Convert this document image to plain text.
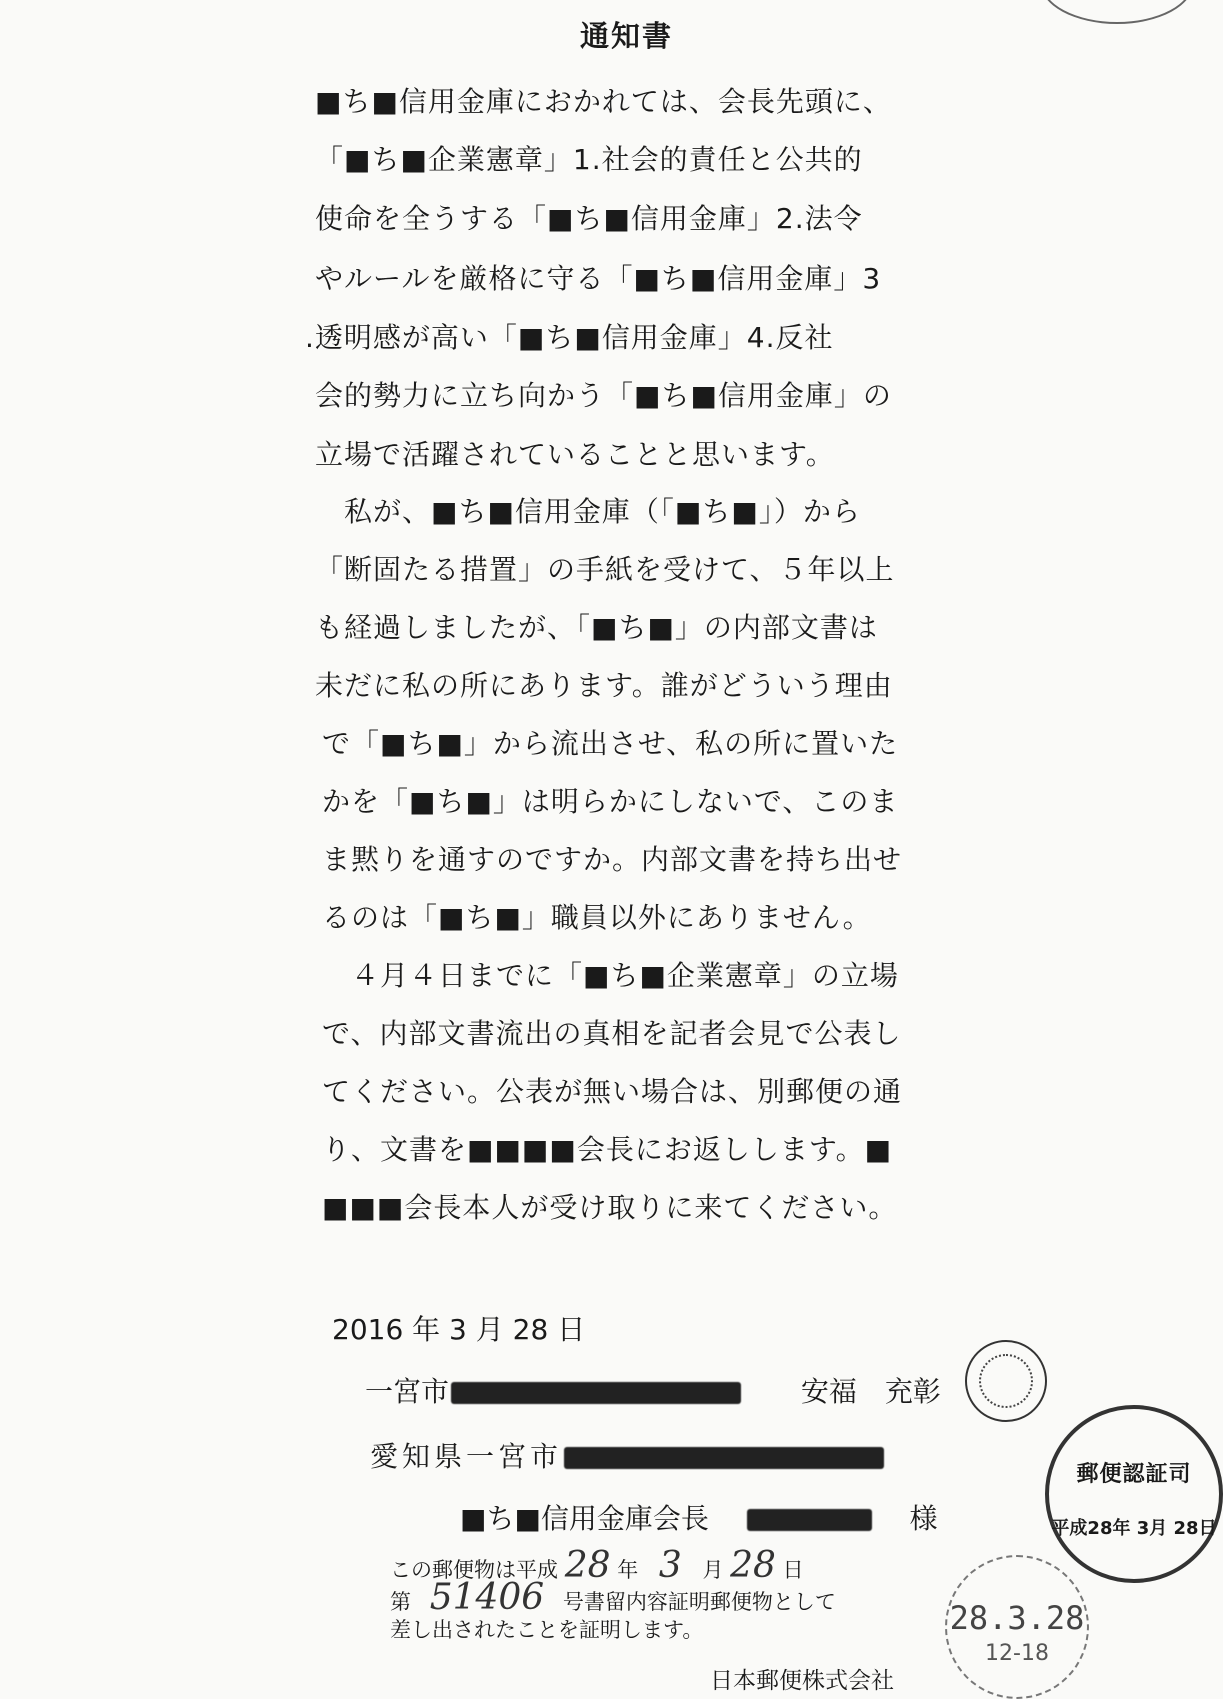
通知書
■ち■信用金庫におかれては、会長先頭に、
「■ち■企業憲章」1.社会的責任と公共的
使命を全うする「■ち■信用金庫」2.法令
やルールを厳格に守る「■ち■信用金庫」3
.透明感が高い「■ち■信用金庫」4.反社
会的勢力に立ち向かう「■ち■信用金庫」の
立場で活躍されていることと思います。
　私が、■ち■信用金庫（「■ち■」）から
「断固たる措置」の手紙を受けて、５年以上
も経過しましたが、「■ち■」の内部文書は
未だに私の所にあります。誰がどういう理由
で「■ち■」から流出させ、私の所に置いた
かを「■ち■」は明らかにしないで、このま
ま黙りを通すのですか。内部文書を持ち出せ
るのは「■ち■」職員以外にありません。
　４月４日までに「■ち■企業憲章」の立場
で、内部文書流出の真相を記者会見で公表し
てください。公表が無い場合は、別郵便の通
り、文書を■■■■会長にお返しします。■
■■■会長本人が受け取りに来てください。
2016 年 3 月 28 日
一宮市	安福　充彰
愛知県一宮市
■ち■信用金庫会長	様
この郵便物は平成 28 年 3 月 28 日
第 51406 号書留内容証明郵便物として
差し出されたことを証明します。
日本郵便株式会社
郵便認証司
平成28年 3月 28日
28.3.28
12-18
